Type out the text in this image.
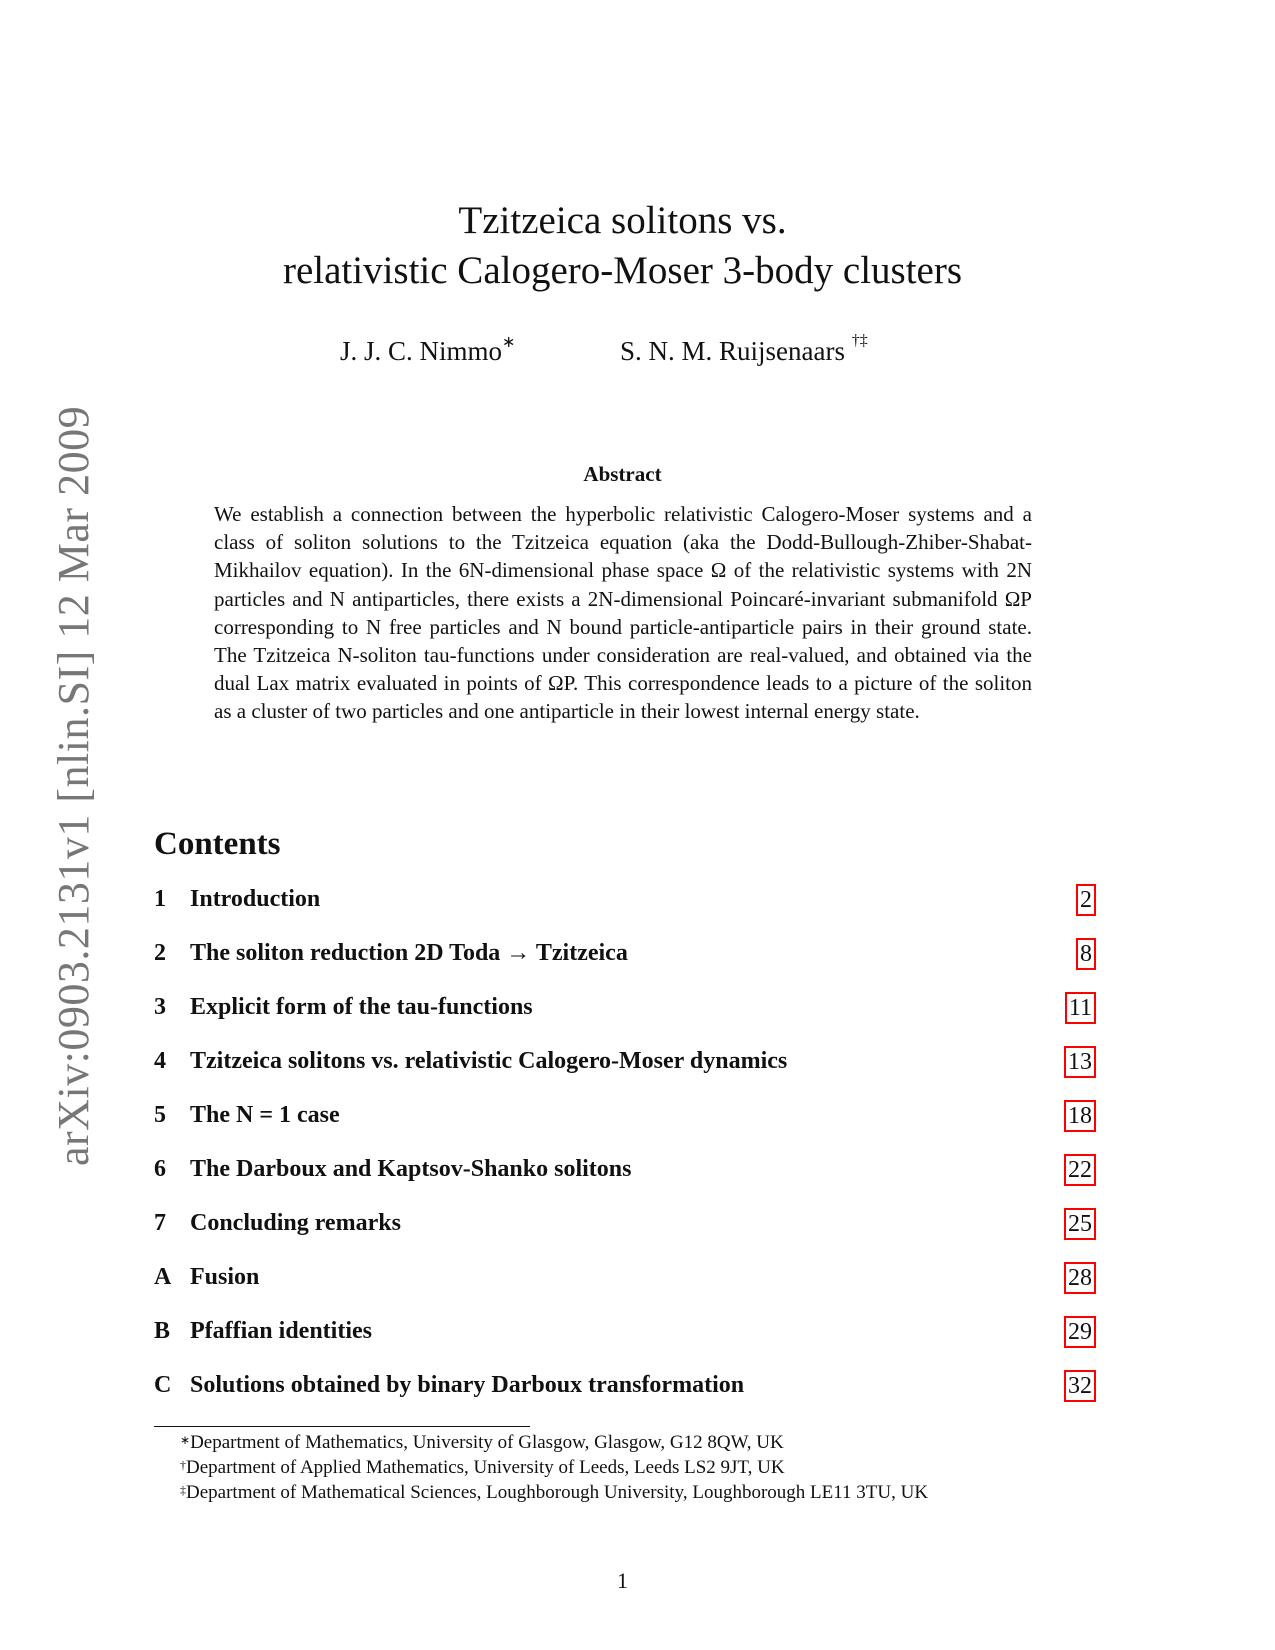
arXiv:0903.2131v1 [nlin.SI] 12 Mar 2009
Tzitzeica solitons vs.
relativistic Calogero-Moser 3-body clusters
J. J. C. Nimmo∗	S. N. M. Ruijsenaars †‡
Abstract
We establish a connection between the hyperbolic relativistic Calogero-Moser systems and a class of soliton solutions to the Tzitzeica equation (aka the Dodd-Bullough-Zhiber-Shabat-Mikhailov equation). In the 6N-dimensional phase space Ω of the relativistic systems with 2N particles and N antiparticles, there exists a 2N-dimensional Poincaré-invariant submanifold ΩP corresponding to N free particles and N bound particle-antiparticle pairs in their ground state. The Tzitzeica N-soliton tau-functions under consideration are real-valued, and obtained via the dual Lax matrix evaluated in points of ΩP. This correspondence leads to a picture of the soliton as a cluster of two particles and one antiparticle in their lowest internal energy state.
Contents
1 Introduction	2
2 The soliton reduction 2D Toda → Tzitzeica	8
3 Explicit form of the tau-functions	11
4 Tzitzeica solitons vs. relativistic Calogero-Moser dynamics	13
5 The N = 1 case	18
6 The Darboux and Kaptsov-Shanko solitons	22
7 Concluding remarks	25
A Fusion	28
B Pfaffian identities	29
C Solutions obtained by binary Darboux transformation	32
∗Department of Mathematics, University of Glasgow, Glasgow, G12 8QW, UK
†Department of Applied Mathematics, University of Leeds, Leeds LS2 9JT, UK
‡Department of Mathematical Sciences, Loughborough University, Loughborough LE11 3TU, UK
1
